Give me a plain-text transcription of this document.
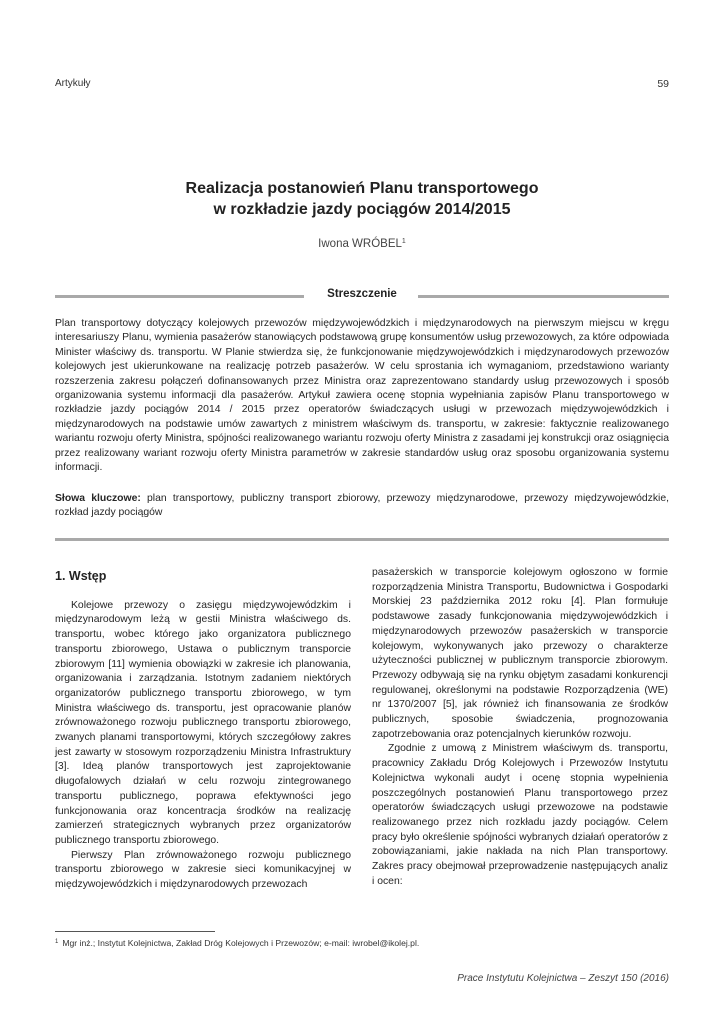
Artykuły	59
Realizacja postanowień Planu transportowego
w rozkładzie jazdy pociągów 2014/2015
Iwona WRÓBEL$^1$
Streszczenie

Plan transportowy dotyczący kolejowych przewozów międzywojewódzkich i międzynarodowych na pierwszym miejscu w kręgu interesariuszy Planu, wymienia pasażerów stanowiących podstawową grupę konsumentów usług przewozowych, za które odpowiada Minister właściwy ds. transportu. W Planie stwierdza się, że funkcjonowanie międzywojewódzkich i międzynarodowych przewozów kolejowych jest ukierunkowane na realizację potrzeb pasażerów. W celu sprostania ich wymaganiom, przedstawiono warianty rozszerzenia zakresu połączeń dofinansowanych przez Ministra oraz zaprezentowano standardy usług przewozowych i sposób organizowania systemu informacji dla pasażerów. Artykuł zawiera ocenę stopnia wypełniania zapisów Planu transportowego w rozkładzie jazdy pociągów 2014 / 2015 przez operatorów świadczących usługi w przewozach międzywojewódzkich i międzynarodowych na podstawie umów zawartych z ministrem właściwym ds. transportu, w zakresie: faktycznie realizowanego wariantu rozwoju oferty Ministra, spójności realizowanego wariantu rozwoju oferty Ministra z zasadami jej konstrukcji oraz osiągnięcia przez realizowany wariant rozwoju oferty Ministra parametrów w zakresie standardów usług oraz sposobu organizowania systemu informacji.

Słowa kluczowe: plan transportowy, publiczny transport zbiorowy, przewozy międzynarodowe, przewozy międzywojewódzkie, rozkład jazdy pociągów

1. Wstęp

Kolejowe przewozy o zasięgu międzywojewódzkim i międzynarodowym leżą w gestii Ministra właściwego ds. transportu, wobec którego jako organizatora publicznego transportu zbiorowego, Ustawa o publicznym transporcie zbiorowym [11] wymienia obowiązki w zakresie ich planowania, organizowania i zarządzania. Istotnym zadaniem niektórych organizatorów publicznego transportu zbiorowego, w tym Ministra właściwego ds. transportu, jest opracowanie planów zrównoważonego rozwoju publicznego transportu zbiorowego, zwanych planami transportowymi, których szczegółowy zakres jest zawarty w stosowym rozporządzeniu Ministra Infrastruktury [3]. Ideą planów transportowych jest zaprojektowanie długofalowych działań w celu rozwoju zintegrowanego transportu publicznego, poprawa efektywności jego funkcjonowania oraz koncentracja środków na realizację zamierzeń strategicznych wybranych przez organizatorów publicznego transportu zbiorowego.

Pierwszy Plan zrównoważonego rozwoju publicznego transportu zbiorowego w zakresie sieci komunikacyjnej w międzywojewódzkich i międzynarodowych przewozach

pasażerskich w transporcie kolejowym ogłoszono w formie rozporządzenia Ministra Transportu, Budownictwa i Gospodarki Morskiej 23 października 2012 roku [4]. Plan formułuje podstawowe zasady funkcjonowania międzywojewódzkich i międzynarodowych przewozów pasażerskich w transporcie kolejowym, wykonywanych jako przewozy o charakterze użyteczności publicznej w publicznym transporcie zbiorowym. Przewozy odbywają się na rynku objętym zasadami konkurencji regulowanej, określonymi na podstawie Rozporządzenia (WE) nr 1370/2007 [5], jak również ich finansowania ze środków publicznych, sposobie świadczenia, prognozowania zapotrzebowania oraz potencjalnych kierunków rozwoju.

Zgodnie z umową z Ministrem właściwym ds. transportu, pracownicy Zakładu Dróg Kolejowych i Przewozów Instytutu Kolejnictwa wykonali audyt i ocenę stopnia wypełnienia poszczególnych postanowień Planu transportowego przez operatorów świadczących usługi przewozowe na podstawie realizowanego przez nich rozkładu jazdy pociągów. Celem pracy było określenie spójności wybranych działań operatorów z zobowiązaniami, jakie nakłada na nich Plan transportowy. Zakres pracy obejmował przeprowadzenie następujących analiz i ocen:

$^1$ Mgr inż.; Instytut Kolejnictwa, Zakład Dróg Kolejowych i Przewozów; e-mail: iwrobel@ikolej.pl.
Prace Instytutu Kolejnictwa – Zeszyt 150 (2016)
